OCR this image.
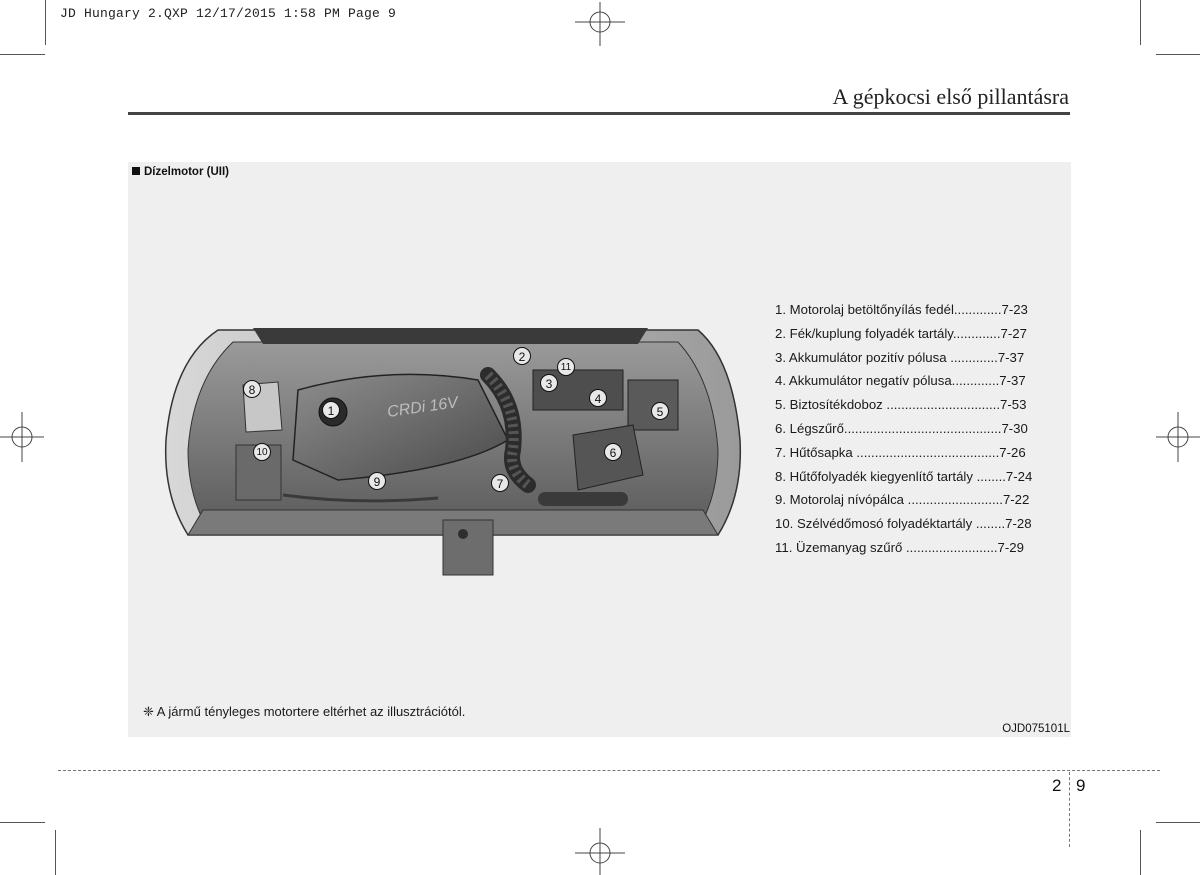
JD Hungary 2.QXP 12/17/2015 1:58 PM Page 9
A gépkocsi első pillantásra
Dízelmotor (UII)
CRDi 16V
1
2
3
4
5
6
7
8
9
10
11
1. Motorolaj betöltőnyílás fedél.............7-23
2. Fék/kuplung folyadék tartály.............7-27
3. Akkumulátor pozitív pólusa .............7-37
4. Akkumulátor negatív pólusa.............7-37
5. Biztosítékdoboz ...............................7-53
6. Légszűrő...........................................7-30
7. Hűtősapka .......................................7-26
8. Hűtőfolyadék kiegyenlítő tartály ........7-24
9. Motorolaj nívópálca ..........................7-22
10. Szélvédőmosó folyadéktartály ........7-28
11. Üzemanyag szűrő .........................7-29
❈ A jármű tényleges motortere eltérhet az illusztrációtól.
OJD075101L
2 9
